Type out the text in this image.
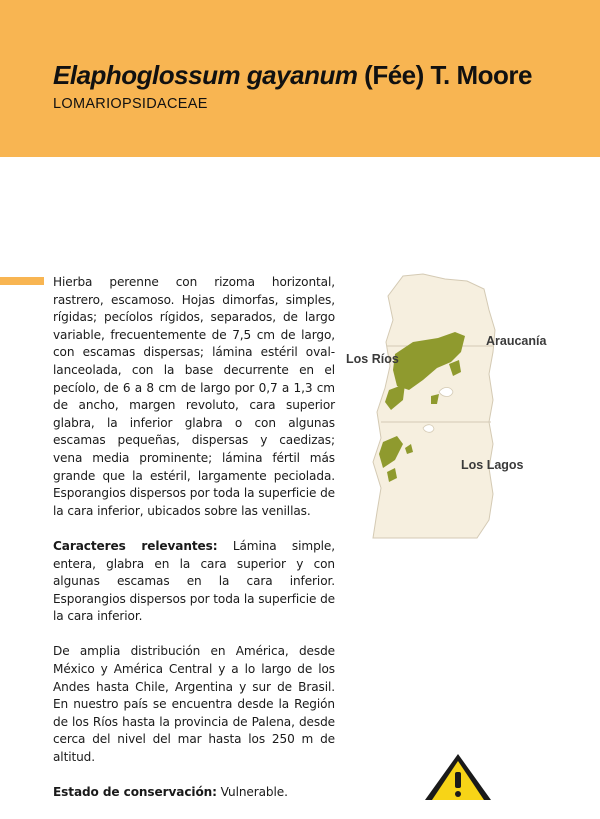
Elaphoglossum gayanum (Fée) T. Moore
LOMARIOPSIDACEAE

Hierba perenne con rizoma horizontal, rastrero, escamoso. Hojas dimorfas, simples, rígidas; pecíolos rígidos, separados, de largo variable, frecuentemente de 7,5 cm de largo, con escamas dispersas; lámina estéril oval-lanceolada, con la base decurrente en el pecíolo, de 6 a 8 cm de largo por 0,7 a 1,3 cm de ancho, margen revoluto, cara superior glabra, la inferior glabra o con algunas escamas pequeñas, dispersas y caedizas; vena media prominente; lámina fértil más grande que la estéril, largamente peciolada. Esporangios dispersos por toda la superficie de la cara inferior, ubicados sobre las venillas.

Caracteres relevantes: Lámina simple, entera, glabra en la cara superior y con algunas escamas en la cara inferior. Esporangios dispersos por toda la superficie de la cara inferior.

De amplia distribución en América, desde México y América Central y a lo largo de los Andes hasta Chile, Argentina y sur de Brasil. En nuestro país se encuentra desde la Región de los Ríos hasta la provincia de Palena, desde cerca del nivel del mar hasta los 250 m de altitud.

Estado de conservación: Vulnerable.

Araucanía
Los Ríos
Los Lagos
